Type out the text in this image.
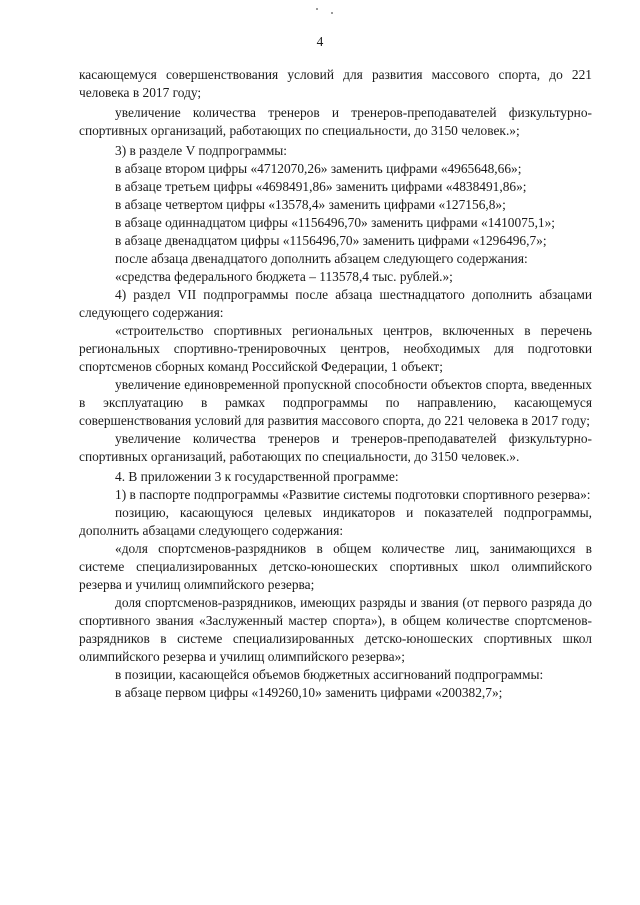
4

касающемуся совершенствования условий для развития массового спорта, до 221 человека в 2017 году;

увеличение количества тренеров и тренеров-преподавателей физкультурно-спортивных организаций, работающих по специальности, до 3150 человек.»;

3) в разделе V подпрограммы:

в абзаце втором цифры «4712070,26» заменить цифрами «4965648,66»;

в абзаце третьем цифры «4698491,86» заменить цифрами «4838491,86»;

в абзаце четвертом цифры «13578,4» заменить цифрами «127156,8»;

в абзаце одиннадцатом цифры «1156496,70» заменить цифрами «1410075,1»;

в абзаце двенадцатом цифры «1156496,70» заменить цифрами «1296496,7»;

после абзаца двенадцатого дополнить абзацем следующего содержания:

«средства федерального бюджета – 113578,4 тыс. рублей.»;

4) раздел VII подпрограммы после абзаца шестнадцатого дополнить абзацами следующего содержания:

«строительство спортивных региональных центров, включенных в перечень региональных спортивно-тренировочных центров, необходимых для подготовки спортсменов сборных команд Российской Федерации, 1 объект;

увеличение единовременной пропускной способности объектов спорта, введенных в эксплуатацию в рамках подпрограммы по направлению, касающемуся совершенствования условий для развития массового спорта, до 221 человека в 2017 году;

увеличение количества тренеров и тренеров-преподавателей физкультурно-спортивных организаций, работающих по специальности, до 3150 человек.».

4. В приложении 3 к государственной программе:

1) в паспорте подпрограммы «Развитие системы подготовки спортивного резерва»:

позицию, касающуюся целевых индикаторов и показателей подпрограммы, дополнить абзацами следующего содержания:

«доля спортсменов-разрядников в общем количестве лиц, занимающихся в системе специализированных детско-юношеских спортивных школ олимпийского резерва и училищ олимпийского резерва;

доля спортсменов-разрядников, имеющих разряды и звания (от первого разряда до спортивного звания «Заслуженный мастер спорта»), в общем количестве спортсменов-разрядников в системе специализированных детско-юношеских спортивных школ олимпийского резерва и училищ олимпийского резерва»;

в позиции, касающейся объемов бюджетных ассигнований подпрограммы:

в абзаце первом цифры «149260,10» заменить цифрами «200382,7»;
